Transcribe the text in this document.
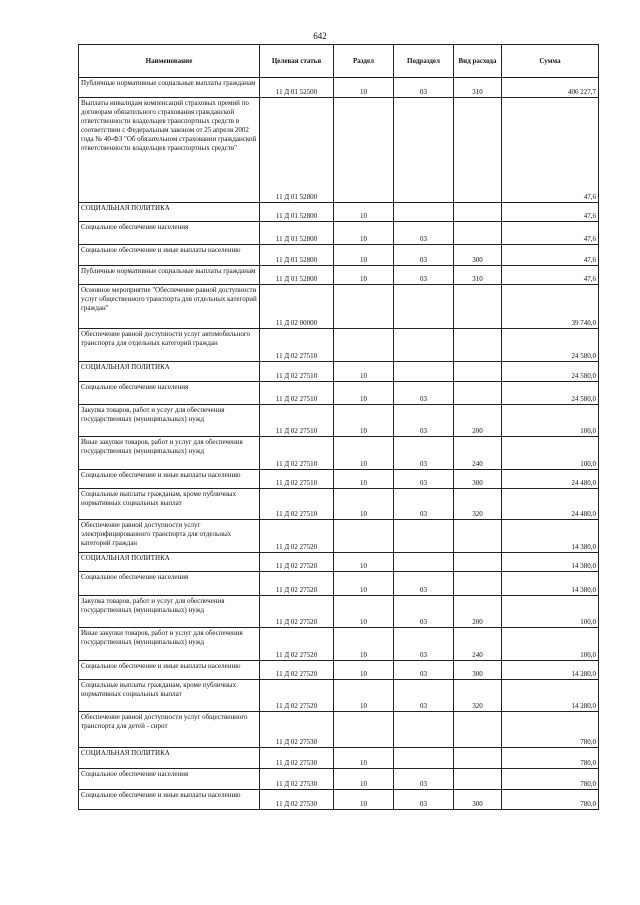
642
Наименование	Целевая статья	Раздел	Подраздел	Вид расхода	Сумма
Публичные нормативные социальные выплаты гражданам	11 Д 01 52500	10	03	310	406 227,7
Выплаты инвалидам компенсаций страховых премий по договорам обязательного страхования гражданской ответственности владельцев транспортных средств в соответствии с Федеральным законом от 25 апреля 2002 года № 40-ФЗ "Об обязательном страховании гражданской ответственности владельцев транспортных средств"	11 Д 01 52800				47,6
СОЦИАЛЬНАЯ ПОЛИТИКА	11 Д 01 52800	10			47,6
Социальное обеспечение населения	11 Д 01 52800	10	03		47,6
Социальное обеспечение и иные выплаты населению	11 Д 01 52800	10	03	300	47,6
Публичные нормативные социальные выплаты гражданам	11 Д 01 52800	10	03	310	47,6
Основное мероприятие "Обеспечение равной доступности услуг общественного транспорта для отдельных категорий граждан"	11 Д 02 00000				39 740,0
Обеспечение равной доступности услуг автомобильного транспорта для отдельных категорий граждан	11 Д 02 27510				24 580,0
СОЦИАЛЬНАЯ ПОЛИТИКА	11 Д 02 27510	10			24 580,0
Социальное обеспечение населения	11 Д 02 27510	10	03		24 580,0
Закупка товаров, работ и услуг для обеспечения государственных (муниципальных) нужд	11 Д 02 27510	10	03	200	100,0
Иные закупки товаров, работ и услуг для обеспечения государственных (муниципальных) нужд	11 Д 02 27510	10	03	240	100,0
Социальное обеспечение и иные выплаты населению	11 Д 02 27510	10	03	300	24 480,0
Социальные выплаты гражданам, кроме публичных нормативных социальных выплат	11 Д 02 27510	10	03	320	24 480,0
Обеспечение равной доступности услуг электрифицированного транспорта для отдельных категорий граждан	11 Д 02 27520				14 380,0
СОЦИАЛЬНАЯ ПОЛИТИКА	11 Д 02 27520	10			14 380,0
Социальное обеспечение населения	11 Д 02 27520	10	03		14 380,0
Закупка товаров, работ и услуг для обеспечения государственных (муниципальных) нужд	11 Д 02 27520	10	03	200	100,0
Иные закупки товаров, работ и услуг для обеспечения государственных (муниципальных) нужд	11 Д 02 27520	10	03	240	100,0
Социальное обеспечение и иные выплаты населению	11 Д 02 27520	10	03	300	14 280,0
Социальные выплаты гражданам, кроме публичных нормативных социальных выплат	11 Д 02 27520	10	03	320	14 280,0
Обеспечение равной доступности услуг общественного транспорта для детей - сирот	11 Д 02 27530				780,0
СОЦИАЛЬНАЯ ПОЛИТИКА	11 Д 02 27530	10			780,0
Социальное обеспечение населения	11 Д 02 27530	10	03		780,0
Социальное обеспечение и иные выплаты населению	11 Д 02 27530	10	03	300	780,0
